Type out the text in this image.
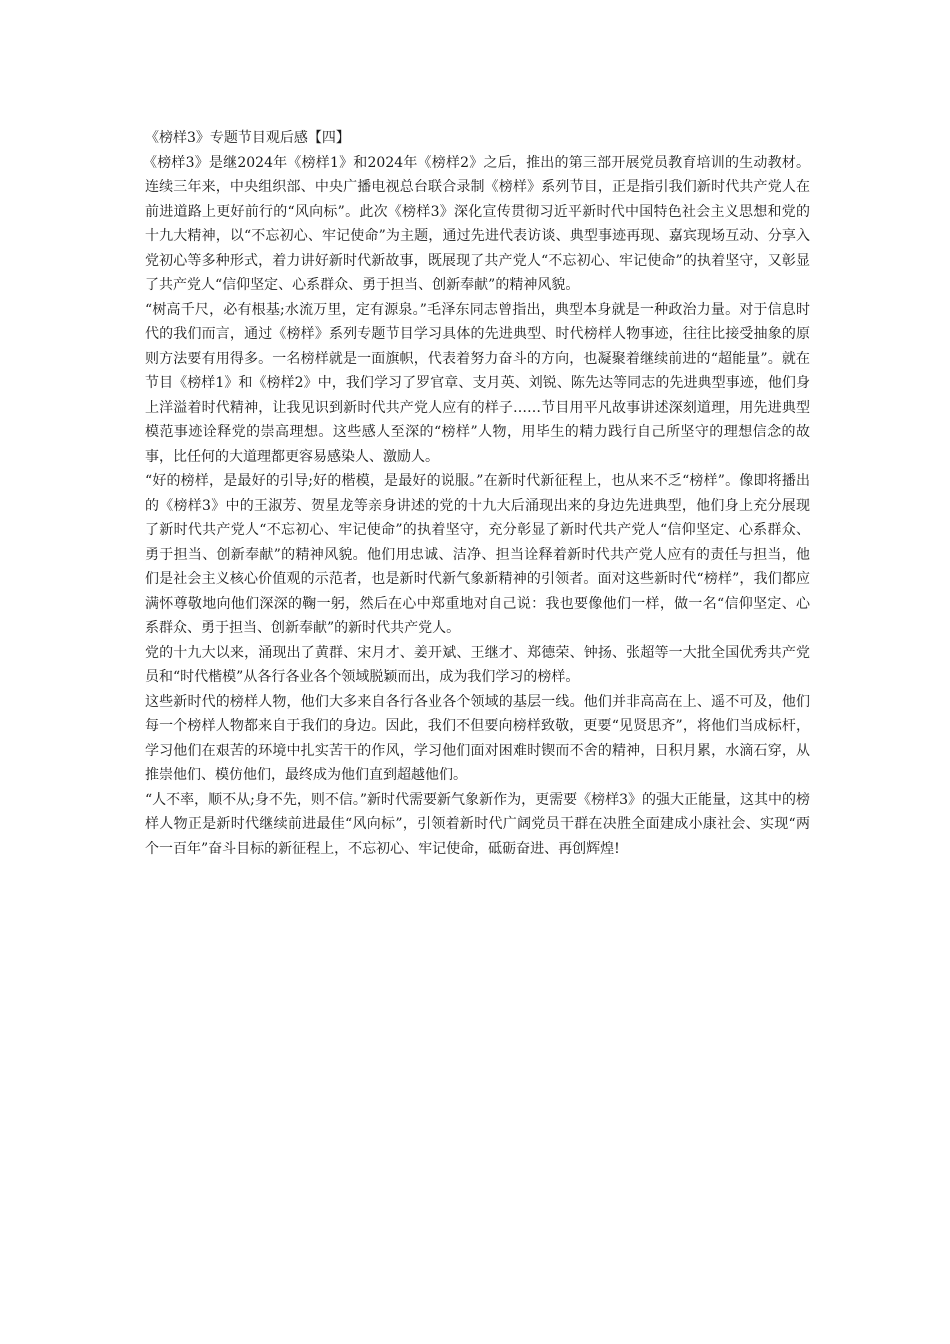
《榜样3》专题节目观后感【四】

《榜样3》是继2024年《榜样1》和2024年《榜样2》之后，推出的第三部开展党员教育培训的生动教材。连续三年来，中央组织部、中央广播电视总台联合录制《榜样》系列节目，正是指引我们新时代共产党人在前进道路上更好前行的“风向标”。此次《榜样3》深化宣传贯彻习近平新时代中国特色社会主义思想和党的十九大精神，以“不忘初心、牢记使命”为主题，通过先进代表访谈、典型事迹再现、嘉宾现场互动、分享入党初心等多种形式，着力讲好新时代新故事，既展现了共产党人“不忘初心、牢记使命”的执着坚守，又彰显了共产党人“信仰坚定、心系群众、勇于担当、创新奉献”的精神风貌。

“树高千尺，必有根基;水流万里，定有源泉。”毛泽东同志曾指出，典型本身就是一种政治力量。对于信息时代的我们而言，通过《榜样》系列专题节目学习具体的先进典型、时代榜样人物事迹，往往比接受抽象的原则方法要有用得多。一名榜样就是一面旗帜，代表着努力奋斗的方向，也凝聚着继续前进的“超能量”。就在节目《榜样1》和《榜样2》中，我们学习了罗官章、支月英、刘锐、陈先达等同志的先进典型事迹，他们身上洋溢着时代精神，让我见识到新时代共产党人应有的样子……节目用平凡故事讲述深刻道理，用先进典型模范事迹诠释党的崇高理想。这些感人至深的“榜样”人物，用毕生的精力践行自己所坚守的理想信念的故事，比任何的大道理都更容易感染人、激励人。

“好的榜样，是最好的引导;好的楷模，是最好的说服。”在新时代新征程上，也从来不乏“榜样”。像即将播出的《榜样3》中的王淑芳、贺星龙等亲身讲述的党的十九大后涌现出来的身边先进典型，他们身上充分展现了新时代共产党人“不忘初心、牢记使命”的执着坚守，充分彰显了新时代共产党人“信仰坚定、心系群众、勇于担当、创新奉献”的精神风貌。他们用忠诚、洁净、担当诠释着新时代共产党人应有的责任与担当，他们是社会主义核心价值观的示范者，也是新时代新气象新精神的引领者。面对这些新时代“榜样”，我们都应满怀尊敬地向他们深深的鞠一躬，然后在心中郑重地对自己说：我也要像他们一样，做一名“信仰坚定、心系群众、勇于担当、创新奉献”的新时代共产党人。

党的十九大以来，涌现出了黄群、宋月才、姜开斌、王继才、郑德荣、钟扬、张超等一大批全国优秀共产党员和“时代楷模”从各行各业各个领域脱颖而出，成为我们学习的榜样。

这些新时代的榜样人物，他们大多来自各行各业各个领域的基层一线。他们并非高高在上、遥不可及，他们每一个榜样人物都来自于我们的身边。因此，我们不但要向榜样致敬，更要“见贤思齐”，将他们当成标杆，学习他们在艰苦的环境中扎实苦干的作风，学习他们面对困难时锲而不舍的精神，日积月累，水滴石穿，从推崇他们、模仿他们，最终成为他们直到超越他们。

“人不率，顺不从;身不先，则不信。”新时代需要新气象新作为，更需要《榜样3》的强大正能量，这其中的榜样人物正是新时代继续前进最佳“风向标”，引领着新时代广阔党员干群在决胜全面建成小康社会、实现“两个一百年”奋斗目标的新征程上，不忘初心、牢记使命，砥砺奋进、再创辉煌!
